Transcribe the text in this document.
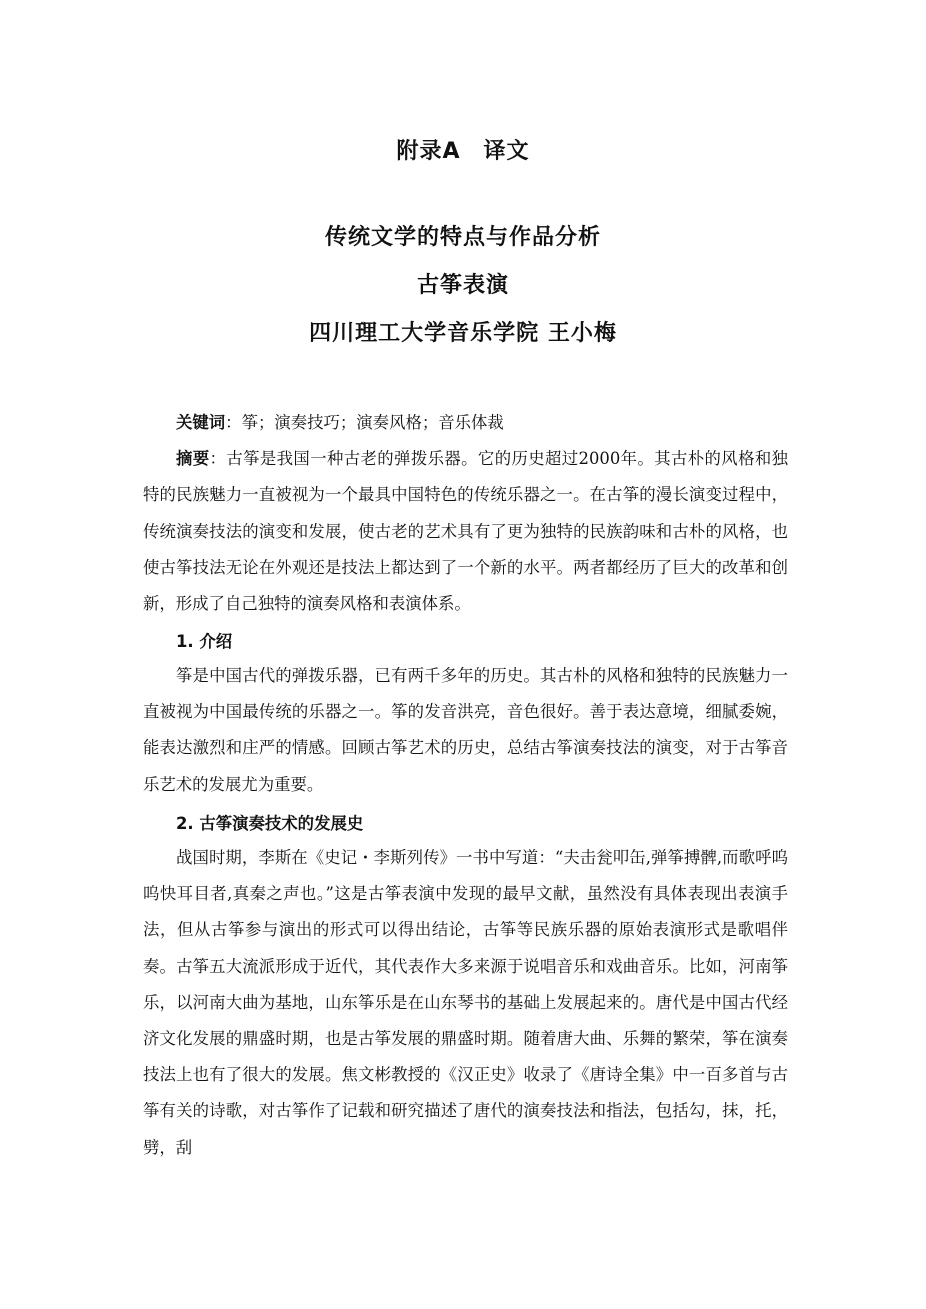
附录A　译文
传统文学的特点与作品分析
古筝表演
四川理工大学音乐学院 王小梅

关键词：筝；演奏技巧；演奏风格；音乐体裁

摘要：古筝是我国一种古老的弹拨乐器。它的历史超过2000年。其古朴的风格和独特的民族魅力一直被视为一个最具中国特色的传统乐器之一。在古筝的漫长演变过程中，传统演奏技法的演变和发展，使古老的艺术具有了更为独特的民族韵味和古朴的风格，也使古筝技法无论在外观还是技法上都达到了一个新的水平。两者都经历了巨大的改革和创新，形成了自己独特的演奏风格和表演体系。

1. 介绍

筝是中国古代的弹拨乐器，已有两千多年的历史。其古朴的风格和独特的民族魅力一直被视为中国最传统的乐器之一。筝的发音洪亮，音色很好。善于表达意境，细腻委婉，能表达激烈和庄严的情感。回顾古筝艺术的历史，总结古筝演奏技法的演变，对于古筝音乐艺术的发展尤为重要。

2. 古筝演奏技术的发展史

战国时期，李斯在《史记・李斯列传》一书中写道：“夫击瓮叩缶,弹筝搏髀,而歌呼呜呜快耳目者,真秦之声也。”这是古筝表演中发现的最早文献，虽然没有具体表现出表演手法，但从古筝参与演出的形式可以得出结论，古筝等民族乐器的原始表演形式是歌唱伴奏。古筝五大流派形成于近代，其代表作大多来源于说唱音乐和戏曲音乐。比如，河南筝乐，以河南大曲为基地，山东筝乐是在山东琴书的基础上发展起来的。唐代是中国古代经济文化发展的鼎盛时期，也是古筝发展的鼎盛时期。随着唐大曲、乐舞的繁荣，筝在演奏技法上也有了很大的发展。焦文彬教授的《汉正史》收录了《唐诗全集》中一百多首与古筝有关的诗歌，对古筝作了记载和研究描述了唐代的演奏技法和指法，包括勾，抹，托，劈，刮
